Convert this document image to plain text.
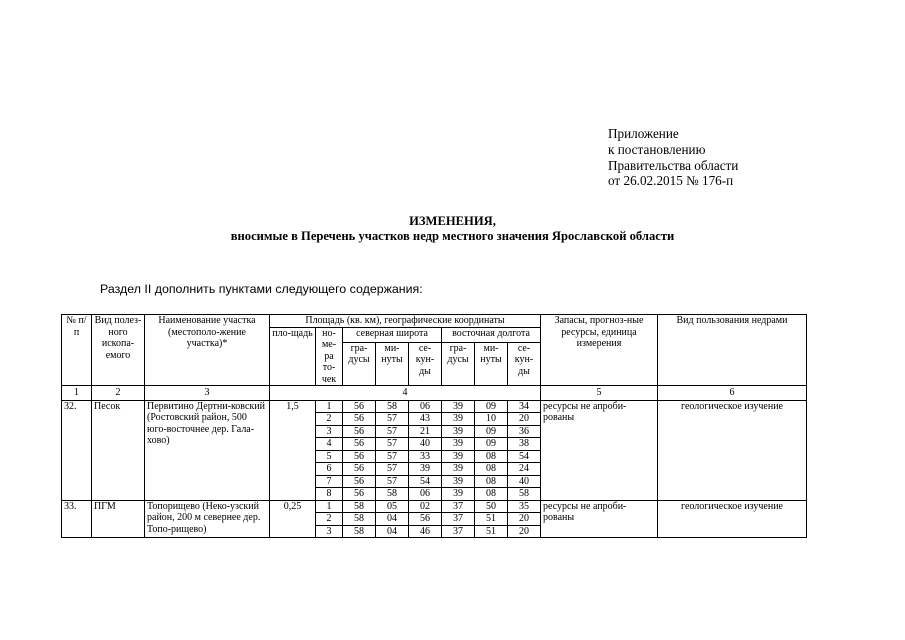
Приложение
к постановлению
Правительства области
от 26.02.2015 № 176-п
ИЗМЕНЕНИЯ,
вносимые в Перечень участков недр местного значения Ярославской области
Раздел II дополнить пунктами следующего содержания:
№ п/п	Вид полез-ного ископа-емого	Наименование участка (местополо-жение участка)*	Площадь (кв. км), географические координаты								Запасы, прогноз-ные ресурсы, единица измерения	Вид пользования недрами
			пло-щадь	но-ме-ра то-чек	северная широта			восточная долгота				
					гра-дусы	ми-нуты	се-кун-ды	гра-дусы	ми-нуты	се-кун-ды		
1	2	3	4								5	6
32.	Песок	Первитино Дертни-ковский (Ростовский район, 500 юго-восточнее дер. Гала-хово)	1,5	1	56	58	06	39	09	34	ресурсы не апроби-рованы	геологическое изучение
				2	56	57	43	39	10	20		
				3	56	57	21	39	09	36		
				4	56	57	40	39	09	38		
				5	56	57	33	39	08	54		
				6	56	57	39	39	08	24		
				7	56	57	54	39	08	40		
				8	56	58	06	39	08	58		
33.	ПГМ	Топорищево (Неко-узский район, 200 м севернее дер. Топо-рищево)	0,25	1	58	05	02	37	50	35	ресурсы не апроби-рованы	геологическое изучение
				2	58	04	56	37	51	20		
				3	58	04	46	37	51	20		
